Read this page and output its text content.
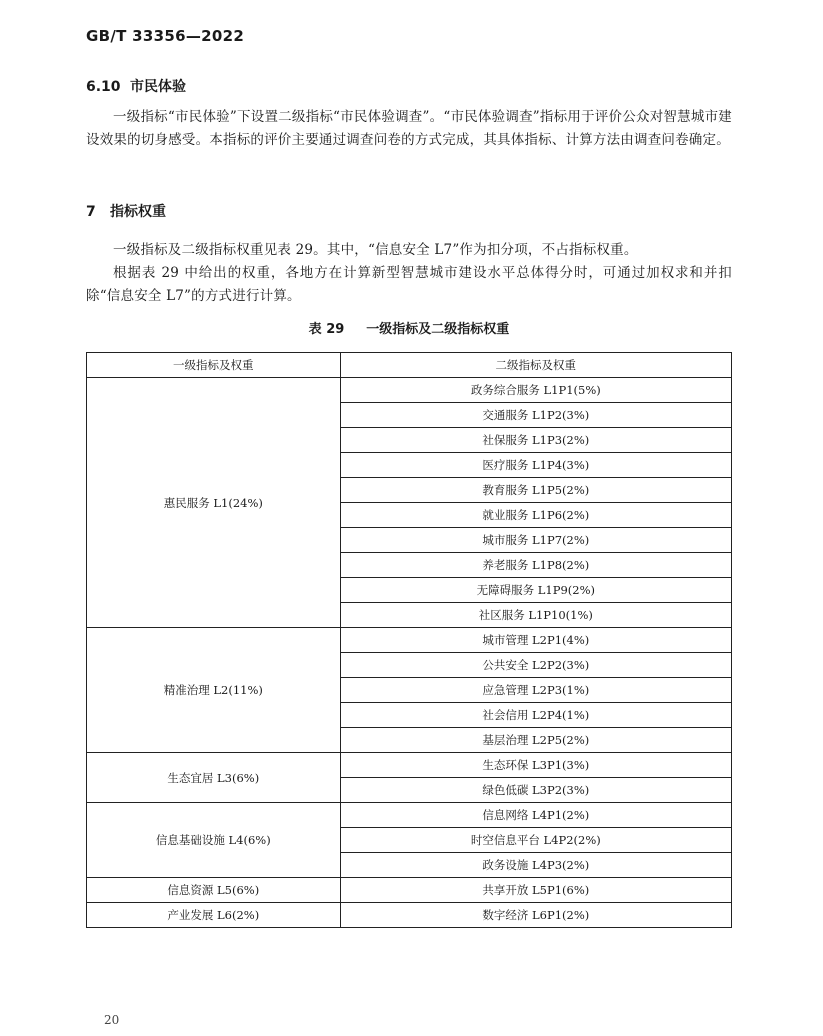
GB/T 33356—2022
6.10 市民体验
一级指标“市民体验”下设置二级指标“市民体验调查”。“市民体验调查”指标用于评价公众对智慧城市建设效果的切身感受。本指标的评价主要通过调查问卷的方式完成，其具体指标、计算方法由调查问卷确定。
7 指标权重
一级指标及二级指标权重见表 29。其中，“信息安全 L7”作为扣分项，不占指标权重。
根据表 29 中给出的权重，各地方在计算新型智慧城市建设水平总体得分时，可通过加权求和并扣除“信息安全 L7”的方式进行计算。
表 29 一级指标及二级指标权重
一级指标及权重	二级指标及权重
惠民服务 L1(24%)	政务综合服务 L1P1(5%)
	交通服务 L1P2(3%)
	社保服务 L1P3(2%)
	医疗服务 L1P4(3%)
	教育服务 L1P5(2%)
	就业服务 L1P6(2%)
	城市服务 L1P7(2%)
	养老服务 L1P8(2%)
	无障碍服务 L1P9(2%)
	社区服务 L1P10(1%)
精准治理 L2(11%)	城市管理 L2P1(4%)
	公共安全 L2P2(3%)
	应急管理 L2P3(1%)
	社会信用 L2P4(1%)
	基层治理 L2P5(2%)
生态宜居 L3(6%)	生态环保 L3P1(3%)
	绿色低碳 L3P2(3%)
信息基础设施 L4(6%)	信息网络 L4P1(2%)
	时空信息平台 L4P2(2%)
	政务设施 L4P3(2%)
信息资源 L5(6%)	共享开放 L5P1(6%)
产业发展 L6(2%)	数字经济 L6P1(2%)
20
